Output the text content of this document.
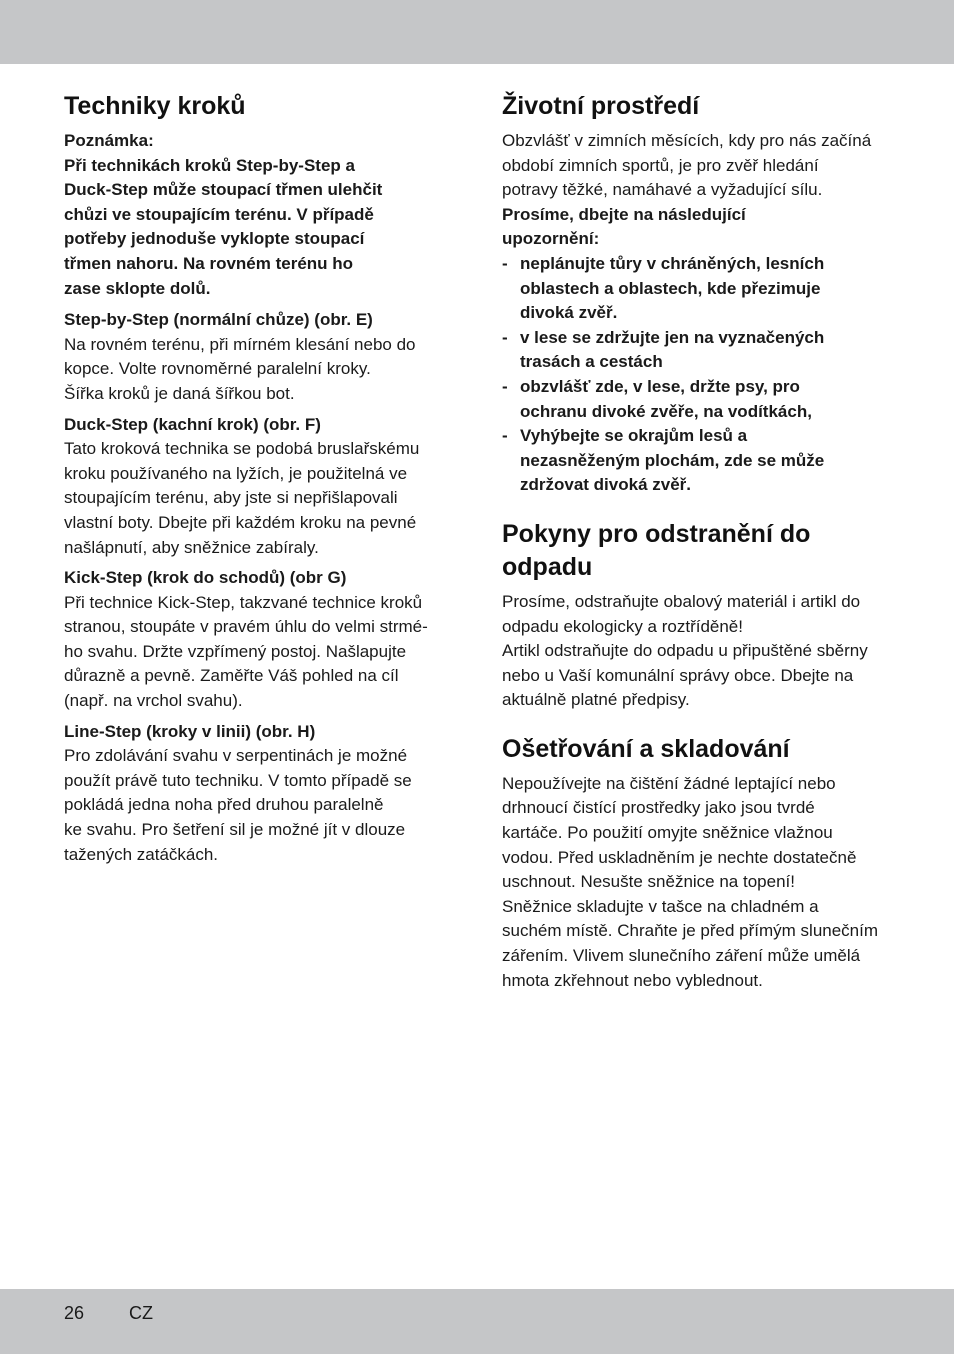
Techniky kroků

Poznámka:

Při technikách kroků Step-by-Step a

Duck-Step může stoupací třmen ulehčit

chůzi ve stoupajícím terénu. V případě

potřeby jednoduše vyklopte stoupací

třmen nahoru. Na rovném terénu ho

zase sklopte dolů.

Step-by-Step (normální chůze) (obr. E)

Na rovném terénu, při mírném klesání nebo do

kopce. Volte rovnoměrné paralelní kroky.

Šířka kroků je daná šířkou bot.

Duck-Step (kachní krok) (obr. F)

Tato kroková technika se podobá bruslařskému

kroku používaného na lyžích, je použitelná ve

stoupajícím terénu, aby jste si nepřišlapovali

vlastní boty. Dbejte při každém kroku na pevné

našlápnutí, aby sněžnice zabíraly.

Kick-Step (krok do schodů) (obr G)

Při technice Kick-Step, takzvané technice kroků

stranou, stoupáte v pravém úhlu do velmi strmé-

ho svahu. Držte vzpřímený postoj. Našlapujte

důrazně a pevně. Zaměřte Váš pohled na cíl

(např. na vrchol svahu).

Line-Step (kroky v linii) (obr. H)

Pro zdolávání svahu v serpentinách je možné

použít právě tuto techniku. V tomto případě se

pokládá jedna noha před druhou paralelně

ke svahu. Pro šetření sil je možné jít v dlouze

tažených zatáčkách.

Životní prostředí

Obzvlášť v zimních měsících, kdy pro nás začíná

období zimních sportů, je pro zvěř hledání

potravy těžké, namáhavé a vyžadující sílu.

Prosíme, dbejte na následující

upozornění:

- neplánujte tůry v chráněných, lesních
oblastech a oblastech, kde přezimuje
divoká zvěř.
- v lese se zdržujte jen na vyznačených
trasách a cestách
- obzvlášť zde, v lese, držte psy, pro
ochranu divoké zvěře, na vodítkách,
- Vyhýbejte se okrajům lesů a
nezasněženým plochám, zde se může
zdržovat divoká zvěř.
Pokyny pro odstranění do
odpadu

Prosíme, odstraňujte obalový materiál i artikl do

odpadu ekologicky a roztříděně!

Artikl odstraňujte do odpadu u připuštěné sběrny

nebo u Vaší komunální správy obce. Dbejte na

aktuálně platné předpisy.

Ošetřování a skladování

Nepoužívejte na čištění žádné leptající nebo

drhnoucí čistící prostředky jako jsou tvrdé

kartáče. Po použití omyjte sněžnice vlažnou

vodou. Před uskladněním je nechte dostatečně

uschnout. Nesušte sněžnice na topení!

Sněžnice skladujte v tašce na chladném a

suchém místě. Chraňte je před přímým slunečním

zářením. Vlivem slunečního záření může umělá

hmota zkřehnout nebo vyblednout.

26 CZ
